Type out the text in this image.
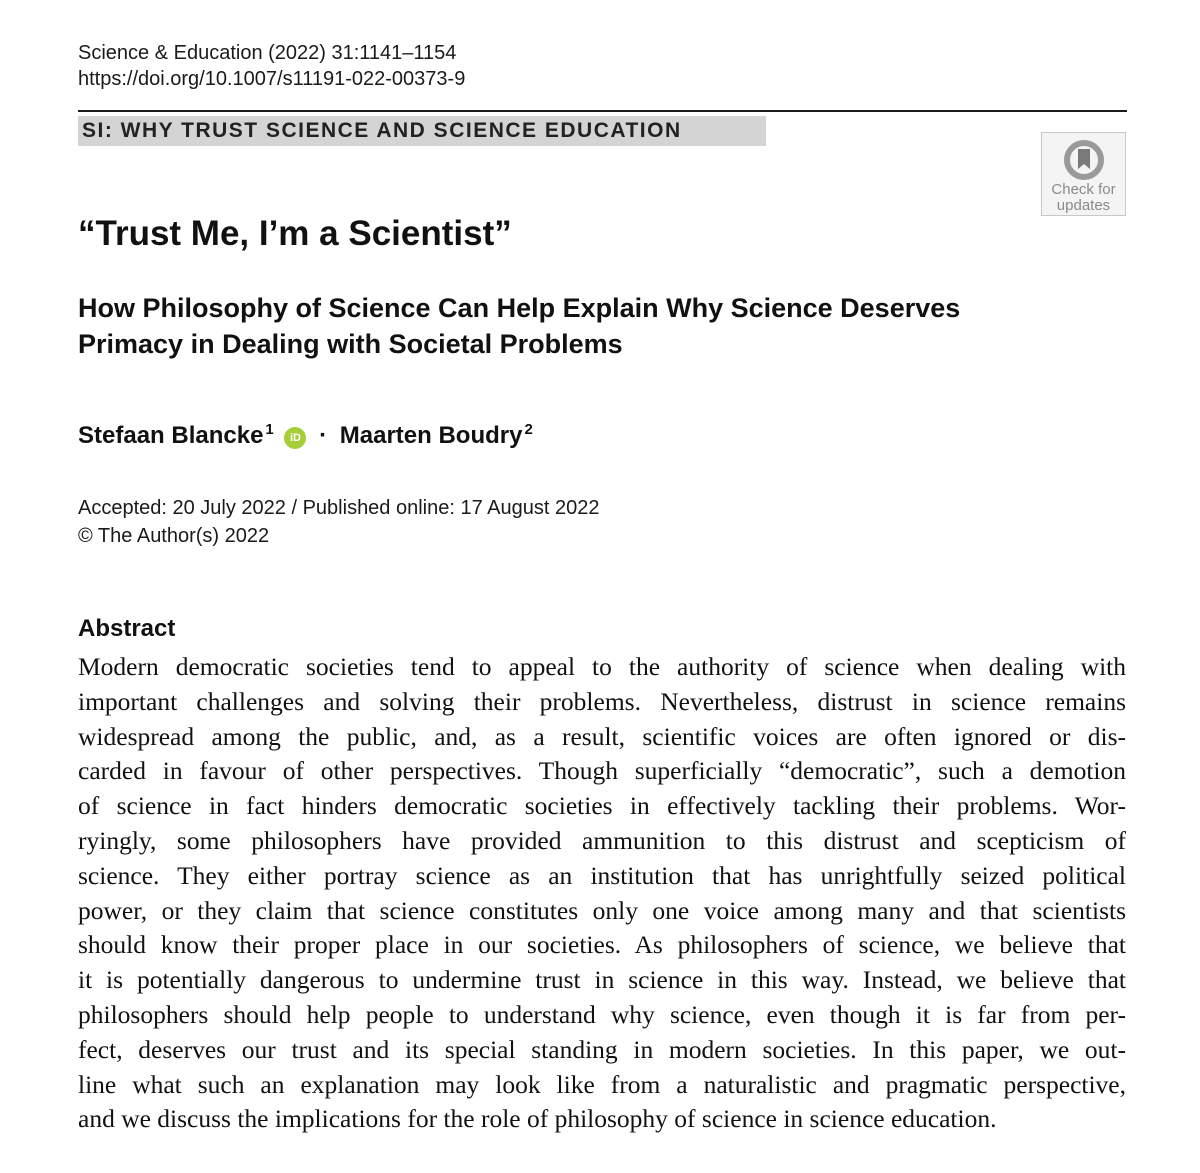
Science & Education (2022) 31:1141–1154
https://doi.org/10.1007/s11191-022-00373-9
SI: WHY TRUST SCIENCE AND SCIENCE EDUCATION
Check for
updates
“Trust Me, I’m a Scientist”
How Philosophy of Science Can Help Explain Why Science Deserves Primacy in Dealing with Societal Problems
Stefaan Blancke $^1$ iD · Maarten Boudry $^2$
Accepted: 20 July 2022 / Published online: 17 August 2022
© The Author(s) 2022
Abstract
Modern democratic societies tend to appeal to the authority of science when dealing with
important challenges and solving their problems. Nevertheless, distrust in science remains
widespread among the public, and, as a result, scientific voices are often ignored or dis-
carded in favour of other perspectives. Though superficially “democratic”, such a demotion
of science in fact hinders democratic societies in effectively tackling their problems. Wor-
ryingly, some philosophers have provided ammunition to this distrust and scepticism of
science. They either portray science as an institution that has unrightfully seized political
power, or they claim that science constitutes only one voice among many and that scientists
should know their proper place in our societies. As philosophers of science, we believe that
it is potentially dangerous to undermine trust in science in this way. Instead, we believe that
philosophers should help people to understand why science, even though it is far from per-
fect, deserves our trust and its special standing in modern societies. In this paper, we out-
line what such an explanation may look like from a naturalistic and pragmatic perspective,
and we discuss the implications for the role of philosophy of science in science education.
